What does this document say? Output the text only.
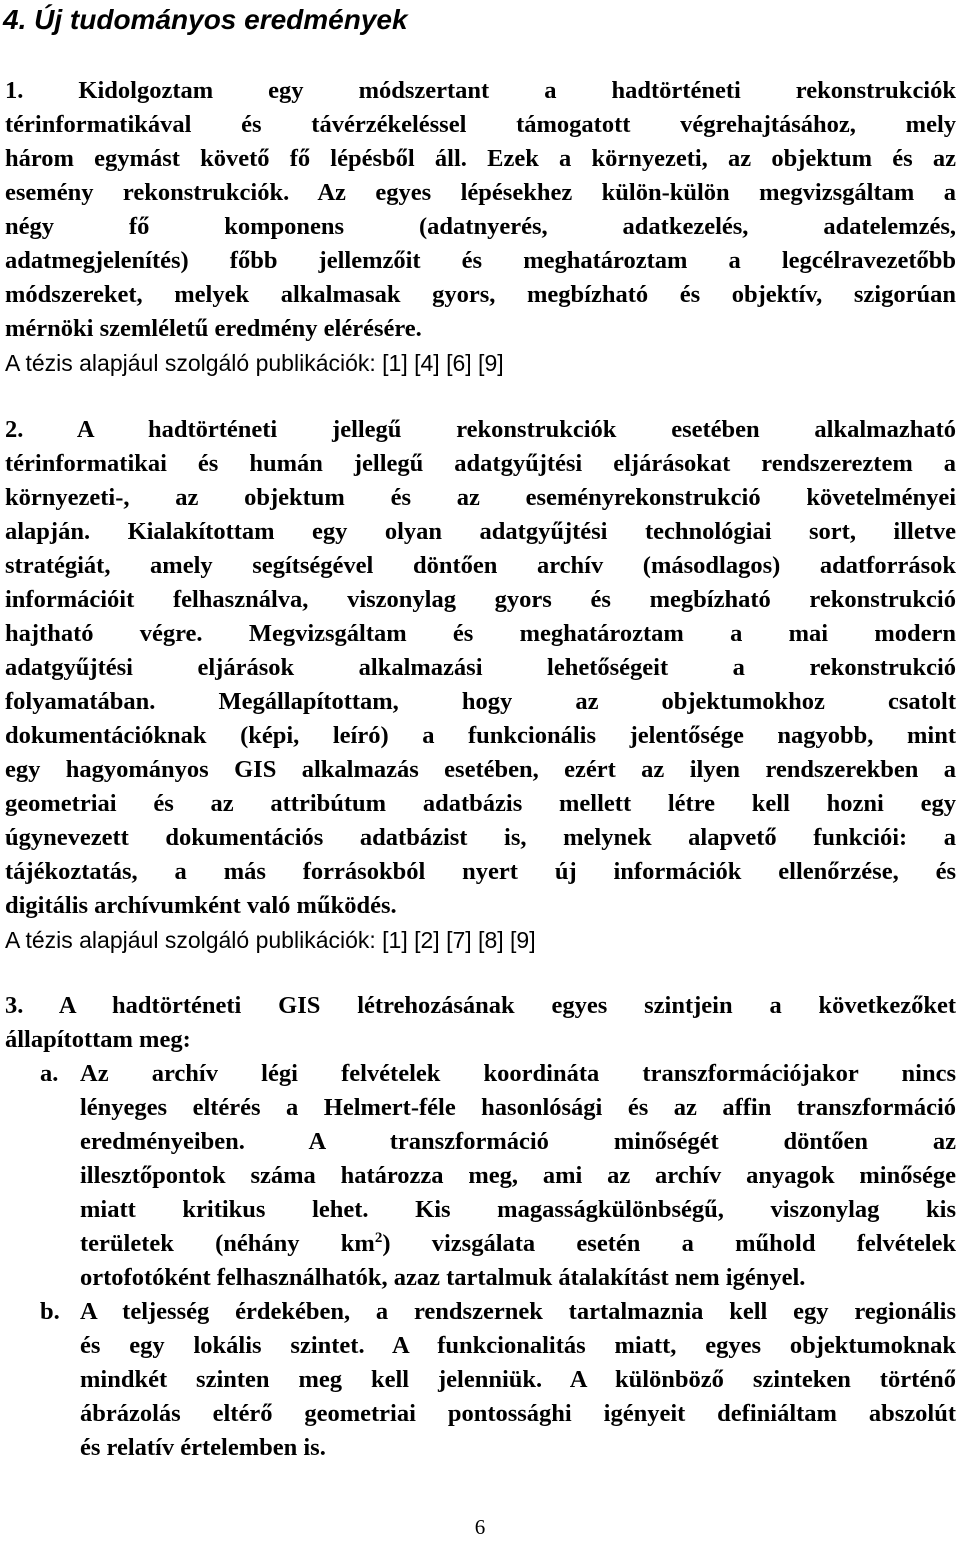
4. Új tudományos eredmények

1. Kidolgoztam egy módszertant a hadtörténeti rekonstrukciók

térinformatikával és távérzékeléssel támogatott végrehajtásához, mely

három egymást követő fő lépésből áll. Ezek a környezeti, az objektum és az

esemény rekonstrukciók. Az egyes lépésekhez külön-külön megvizsgáltam a

négy fő komponens (adatnyerés, adatkezelés, adatelemzés,

adatmegjelenítés) főbb jellemzőit és meghatároztam a legcélravezetőbb

módszereket, melyek alkalmasak gyors, megbízható és objektív, szigorúan

mérnöki szemléletű eredmény elérésére.

A tézis alapjául szolgáló publikációk: [1] [4] [6] [9]

2. A hadtörténeti jellegű rekonstrukciók esetében alkalmazható

térinformatikai és humán jellegű adatgyűjtési eljárásokat rendszereztem a

környezeti-, az objektum és az eseményrekonstrukció követelményei

alapján. Kialakítottam egy olyan adatgyűjtési technológiai sort, illetve

stratégiát, amely segítségével döntően archív (másodlagos) adatforrások

információit felhasználva, viszonylag gyors és megbízható rekonstrukció

hajtható végre. Megvizsgáltam és meghatároztam a mai modern

adatgyűjtési eljárások alkalmazási lehetőségeit a rekonstrukció

folyamatában. Megállapítottam, hogy az objektumokhoz csatolt

dokumentációknak (képi, leíró) a funkcionális jelentősége nagyobb, mint

egy hagyományos GIS alkalmazás esetében, ezért az ilyen rendszerekben a

geometriai és az attribútum adatbázis mellett létre kell hozni egy

úgynevezett dokumentációs adatbázist is, melynek alapvető funkciói: a

tájékoztatás, a más forrásokból nyert új információk ellenőrzése, és

digitális archívumként való működés.

A tézis alapjául szolgáló publikációk: [1] [2] [7] [8] [9]

3. A hadtörténeti GIS létrehozásának egyes szintjein a következőket

állapítottam meg:

a. Az archív légi felvételek koordináta transzformációjakor nincs

lényeges eltérés a Helmert-féle hasonlósági és az affin transzformáció

eredményeiben. A transzformáció minőségét döntően az

illesztőpontok száma határozza meg, ami az archív anyagok minősége

miatt kritikus lehet. Kis magasságkülönbségű, viszonylag kis

területek (néhány $km^2$) vizsgálata esetén a műhold felvételek

ortofotóként felhasználhatók, azaz tartalmuk átalakítást nem igényel.

b. A teljesség érdekében, a rendszernek tartalmaznia kell egy regionális

és egy lokális szintet. A funkcionalitás miatt, egyes objektumoknak

mindkét szinten meg kell jelenniük. A különböző szinteken történő

ábrázolás eltérő geometriai pontossághi igényeit definiáltam abszolút

és relatív értelemben is.

6
